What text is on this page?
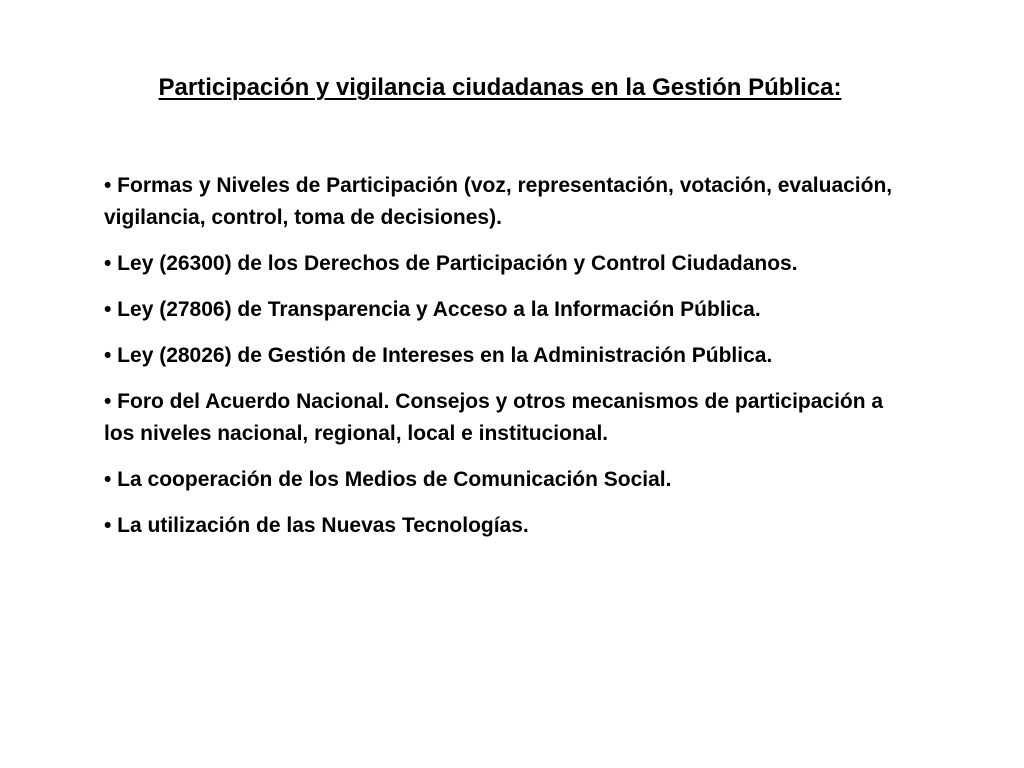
Participación y vigilancia ciudadanas en la Gestión Pública:
• Formas y Niveles de Participación (voz, representación, votación, evaluación, vigilancia, control, toma de decisiones).
• Ley (26300) de los Derechos de Participación y Control Ciudadanos.
• Ley (27806) de Transparencia y Acceso a la Información Pública.
• Ley (28026) de Gestión de Intereses en la Administración Pública.
• Foro del Acuerdo Nacional. Consejos y otros mecanismos de participación a los niveles nacional, regional, local e institucional.
• La cooperación de los Medios de Comunicación Social.
• La utilización de las Nuevas Tecnologías.
